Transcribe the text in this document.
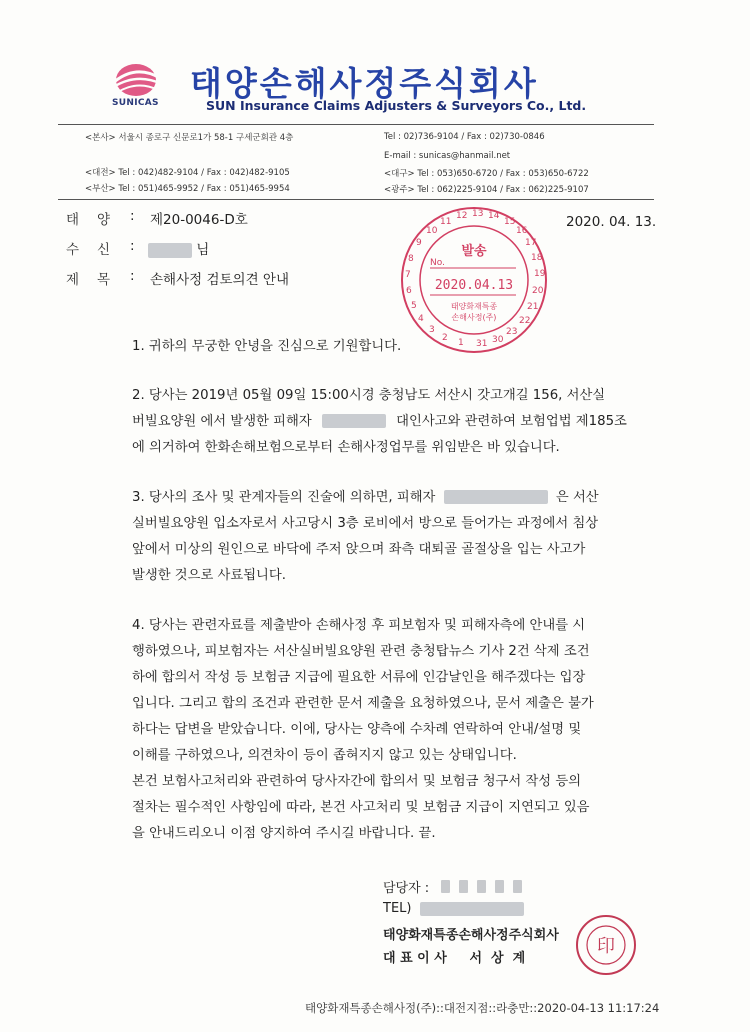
SUNICAS 태양손해사정주식회사
SUN Insurance Claims Adjusters & Surveyors Co., Ltd.
<본사> 서울시 종로구 신문로1가 58-1 구세군회관 4층
<대전> Tel : 042)482-9104 / Fax : 042)482-9105
<부산> Tel : 051)465-9952 / Fax : 051)465-9954
Tel : 02)736-9104 / Fax : 02)730-0846
E-mail : sunicas@hanmail.net
<대구> Tel : 053)650-6720 / Fax : 053)650-6722
<광주> Tel : 062)225-9104 / Fax : 062)225-9107
태양 : 제20-0046-D호
수신 :	님
제목 : 손해사정 검토의견 안내
2020. 04. 13.
9
10
11
12 13 14
15
16
17
18
19
20
21
22
23
8
7
6
5
4
3
2 1 31 30
발송
No.
2020.04.13
태양화재특종
손해사정(주)
1. 귀하의 무궁한 안녕을 진심으로 기원합니다.
2. 당사는 2019년 05월 09일 15:00시경 충청남도 서산시 갓고개길 156, 서산실
버빌요양원 에서 발생한 피해자	대인사고와 관련하여 보험업법 제185조
에 의거하여 한화손해보험으로부터 손해사정업무를 위임받은 바 있습니다.
3. 당사의 조사 및 관계자들의 진술에 의하면, 피해자	은 서산
실버빌요양원 입소자로서 사고당시 3층 로비에서 방으로 들어가는 과정에서 침상
앞에서 미상의 원인으로 바닥에 주저 앉으며 좌측 대퇴골 골절상을 입는 사고가
발생한 것으로 사료됩니다.
4. 당사는 관련자료를 제출받아 손해사정 후 피보험자 및 피해자측에 안내를 시
행하였으나, 피보험자는 서산실버빌요양원 관련 충청탑뉴스 기사 2건 삭제 조건
하에 합의서 작성 등 보험금 지급에 필요한 서류에 인감날인을 해주겠다는 입장
입니다. 그리고 합의 조건과 관련한 문서 제출을 요청하였으나, 문서 제출은 불가
하다는 답변을 받았습니다. 이에, 당사는 양측에 수차례 연락하여 안내/설명 및
이해를 구하였으나, 의견차이 등이 좁혀지지 않고 있는 상태입니다.
본건 보험사고처리와 관련하여 당사자간에 합의서 및 보험금 청구서 작성 등의
절차는 필수적인 사항임에 따라, 본건 사고처리 및 보험금 지급이 지연되고 있음
을 안내드리오니 이점 양지하여 주시길 바랍니다. 끝.
담당자 :
TEL)
태양화재특종손해사정주식회사
대 표 이 사     서  상  계
印
태양화재특종손해사정(주)::대전지점::라충만::2020-04-13 11:17:24
